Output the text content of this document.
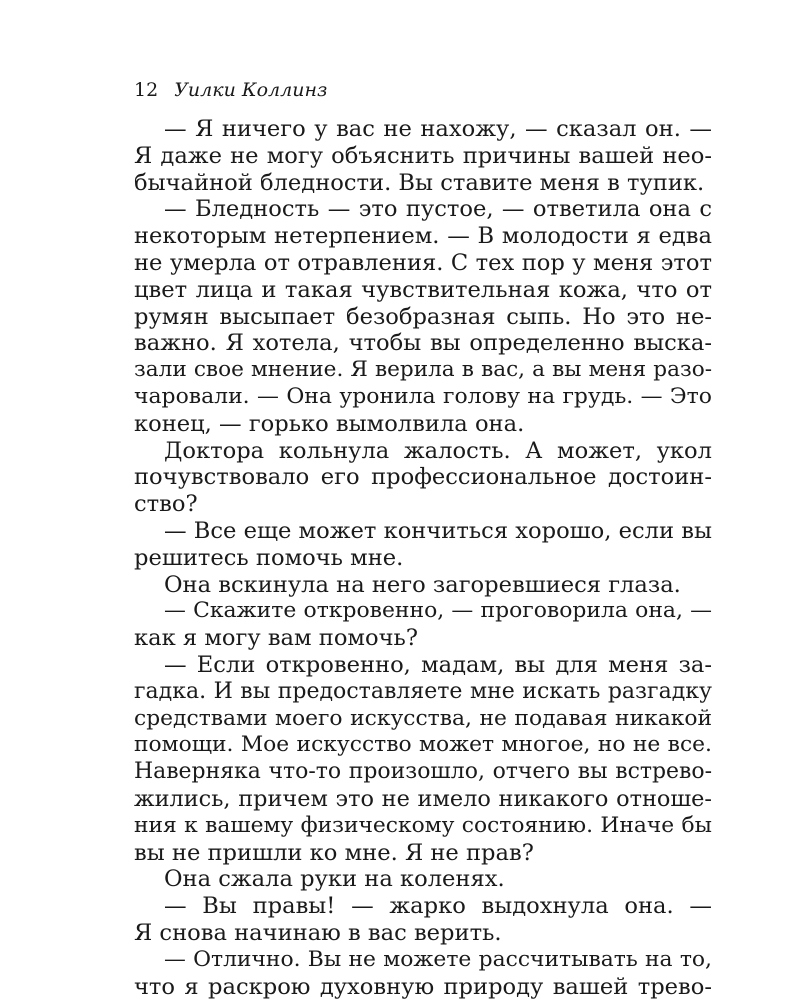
12 Уилки Коллинз
— Я ничего у вас не нахожу, — сказал он. —
Я даже не могу объяснить причины вашей нео-
бычайной бледности. Вы ставите меня в тупик.
— Бледность — это пустое, — ответила она с
некоторым нетерпением. — В молодости я едва
не умерла от отравления. С тех пор у меня этот
цвет лица и такая чувствительная кожа, что от
румян высыпает безобразная сыпь. Но это не-
важно. Я хотела, чтобы вы определенно выска-
зали свое мнение. Я верила в вас, а вы меня разо-
чаровали. — Она уронила голову на грудь. — Это
конец, — горько вымолвила она.
Доктора кольнула жалость. А может, укол
почувствовало его профессиональное достоин-
ство?
— Все еще может кончиться хорошо, если вы
решитесь помочь мне.
Она вскинула на него загоревшиеся глаза.
— Скажите откровенно, — проговорила она, —
как я могу вам помочь?
— Если откровенно, мадам, вы для меня за-
гадка. И вы предоставляете мне искать разгадку
средствами моего искусства, не подавая никакой
помощи. Мое искусство может многое, но не все.
Наверняка что-то произошло, отчего вы встрево-
жились, причем это не имело никакого отноше-
ния к вашему физическому состоянию. Иначе бы
вы не пришли ко мне. Я не прав?
Она сжала руки на коленях.
— Вы правы! — жарко выдохнула она. —
Я снова начинаю в вас верить.
— Отлично. Вы не можете рассчитывать на то,
что я раскрою духовную природу вашей трево-
